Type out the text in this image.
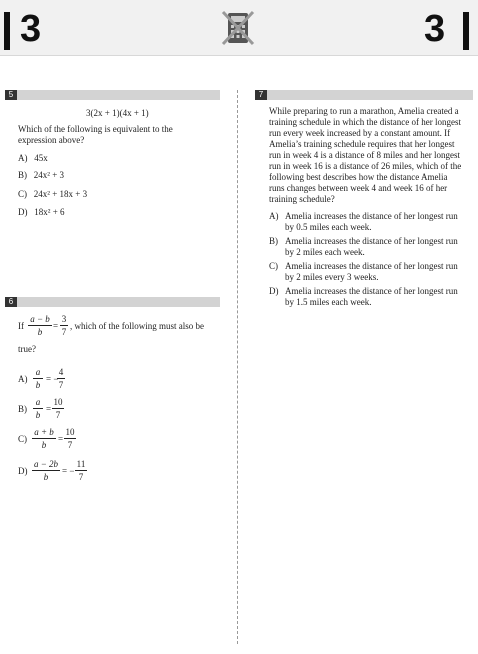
3	3
5
3(2x + 1)(4x + 1)
Which of the following is equivalent to the
expression above?
A) 45x
B) 24x² + 3
C) 24x² + 18x + 3
D) 18x² + 6
6
If
a − b
b
=
3
7
, which of the following must also be
true?
A)
a
b
= −
4
7
B)
a
b
=
10
7
C)
a + b
b
=
10
7
D)
a − 2b
b
= −
11
7
7
While preparing to run a marathon, Amelia created a
training schedule in which the distance of her longest
run every week increased by a constant amount. If
Amelia’s training schedule requires that her longest
run in week 4 is a distance of 8 miles and her longest
run in week 16 is a distance of 26 miles, which of the
following best describes how the distance Amelia
runs changes between week 4 and week 16 of her
training schedule?
A) Amelia increases the distance of her longest run
by 0.5 miles each week.
B) Amelia increases the distance of her longest run
by 2 miles each week.
C) Amelia increases the distance of her longest run
by 2 miles every 3 weeks.
D) Amelia increases the distance of her longest run
by 1.5 miles each week.
